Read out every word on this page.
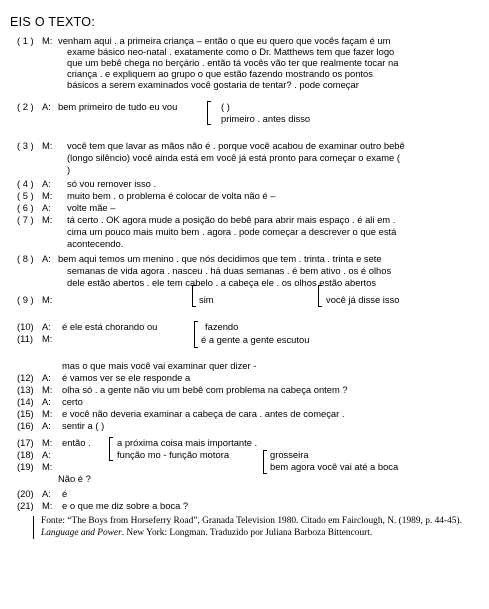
EIS O TEXTO:
( 1 ) M: venham aqui . a primeira criança – então o que eu quero que vocês façam é um
exame básico neo-natal . exatamente como o Dr. Matthews tem que fazer logo
que um bebê chega no berçário . então tá vocês vão ter que realmente tocar na
criança . e expliquem ao grupo o que estão fazendo mostrando os pontos
básicos a serem examinados você gostaria de tentar? . pode começar
( 2 ) A: bem primeiro de tudo eu vou	( )
primeiro . antes disso
( 3 ) M: você tem que lavar as mãos não é . porque você acabou de examinar outro bebê
(longo silêncio) você ainda está em você já está pronto para começar o exame (
)
( 4 ) A: só vou remover isso .
( 5 ) M: muito bem . o problema é colocar de volta não é –
( 6 ) A: volte mãe –
( 7 ) M: tá certo . OK agora mude a posição do bebê para abrir mais espaço . é ali em .
cima um pouco mais muito bem . agora . pode começar a descrever o que está
acontecendo.
( 8 ) A: bem aqui temos um menino . que nós decidimos que tem . trinta . trinta e sete
semanas de vida agora . nasceu . há duas semanas . é bem ativo . os é olhos
dele estão abertos . ele tem cabelo . a cabeça ele . os olhos estão abertos
( 9 ) M:	sim	você já disse isso
(10) A: é ele está chorando ou	fazendo
(11) M:	é a gente a gente escutou
mas o que mais você vai examinar quer dizer -
(12) A: é vamos ver se ele responde a
(13) M: olha só . a gente não viu um bebê com problema na cabeça ontem ?
(14) A: certo
(15) M: e você não deveria examinar a cabeça de cara . antes de começar .
(16) A: sentir a ( )
(17) M: então .	a próxima coisa mais importante .
(18) A:	função mo - função motora	grosseira
(19) M:	bem agora você vai até a boca
Não é ?
(20) A: é
(21) M: e o que me diz sobre a boca ?
Fonte: “The Boys from Horseferry Road”, Granada Television 1980. Citado em Fairclough, N. (1989, p. 44-45). Language and Power. New York: Longman. Traduzido por Juliana Barboza Bittencourt.
